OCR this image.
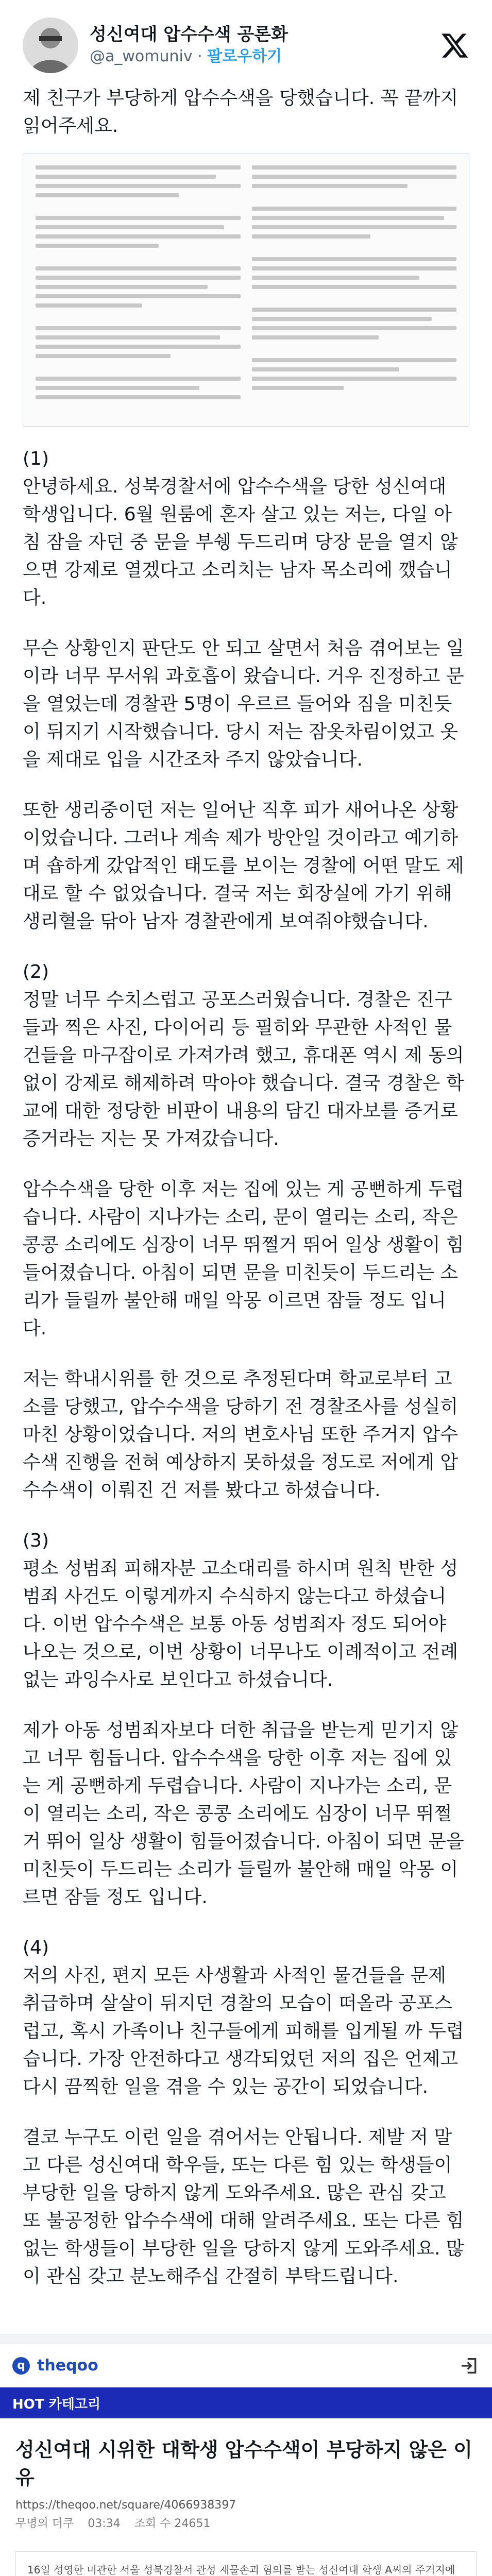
성신여대 압수수색 공론화
@a_womuniv · 팔로우하기
제 친구가 부당하게 압수수색을 당했습니다. 꼭 끝까지 읽어주세요.

(1)

안녕하세요. 성북경찰서에 압수수색을 당한 성신여대 학생입니다. 6월 원룸에 혼자 살고 있는 저는, 다일 아침 잠을 자던 중 문을 부쉥 두드리며 당장 문을 열지 않으면 강제로 열겠다고 소리치는 남자 목소리에 깼습니다.

무슨 상황인지 판단도 안 되고 살면서 처음 겪어보는 일이라 너무 무서워 과호흡이 왔습니다. 거우 진정하고 문을 열었는데 경찰관 5명이 우르르 들어와 짐을 미친듯이 뒤지기 시작했습니다. 당시 저는 잠옷차림이었고 옷을 제대로 입을 시간조차 주지 않았습니다.

또한 생리중이던 저는 일어난 직후 피가 새어나온 상황이었습니다. 그러나 계속 제가 방안일 것이라고 예기하며 숍하게 갔압적인 태도를 보이는 경찰에 어떤 말도 제대로 할 수 없었습니다. 결국 저는 회장실에 가기 위해 생리혈을 닦아 남자 경찰관에게 보여줘야했습니다.

(2)

정말 너무 수치스럽고 공포스러웠습니다. 경찰은 진구들과 찍은 사진, 다이어리 등 필히와 무관한 사적인 물건들을 마구잡이로 가져가려 했고, 휴대폰 역시 제 동의없이 강제로 해제하려 막아야 했습니다. 결국 경찰은 학교에 대한 정당한 비판이 내용의 담긴 대자보를 증거로 증거라는 지는 못 가져갔습니다.

압수수색을 당한 이후 저는 집에 있는 게 공뻔하게 두렵습니다. 사람이 지나가는 소리, 문이 열리는 소리, 작은 콩콩 소리에도 심장이 너무 뛰쩔거 뛰어 일상 생활이 힘들어졌습니다. 아침이 되면 문을 미친듯이 두드리는 소리가 들릴까 불안해 매일 악몽 이르면 잠들 정도 입니다.

저는 학내시위를 한 것으로 추정된다며 학교로부터 고소를 당했고, 압수수색을 당하기 전 경찰조사를 성실히 마친 상황이었습니다. 저의 변호사님 또한 주거지 압수수색 진행을 전혀 예상하지 못하셨을 정도로 저에게 압수수색이 이뤄진 건 저를 봤다고 하셨습니다.

(3)

평소 성범죄 피해자분 고소대리를 하시며 원칙 반한 성범죄 사건도 이렇게까지 수식하지 않는다고 하셨습니다. 이번 압수수색은 보통 아동 성범죄자 정도 되어야 나오는 것으로, 이번 상황이 너무나도 이례적이고 전례 없는 과잉수사로 보인다고 하셨습니다.

제가 아동 성범죄자보다 더한 취급을 받는게 믿기지 않고 너무 힘듭니다. 압수수색을 당한 이후 저는 집에 있는 게 공뻔하게 두렵습니다. 사람이 지나가는 소리, 문이 열리는 소리, 작은 콩콩 소리에도 심장이 너무 뛰쩔거 뛰어 일상 생활이 힘들어졌습니다. 아침이 되면 문을 미친듯이 두드리는 소리가 들릴까 불안해 매일 악몽 이르면 잠들 정도 입니다.

(4)

저의 사진, 편지 모든 사생활과 사적인 물건들을 문제 취급하며 살살이 뒤지던 경찰의 모습이 떠올라 공포스럽고, 혹시 가족이나 친구들에게 피해를 입게될 까 두렵습니다. 가장 안전하다고 생각되었던 저의 집은 언제고 다시 끔찍한 일을 겪을 수 있는 공간이 되었습니다.

결코 누구도 이런 일을 겪어서는 안됩니다. 제발 저 말고 다른 성신여대 학우들, 또는 다른 힘 있는 학생들이 부당한 일을 당하지 않게 도와주세요. 많은 관심 갖고 또 불공정한 압수수색에 대해 알려주세요. 또는 다른 힘 없는 학생들이 부당한 일을 당하지 않게 도와주세요. 많이 관심 갖고 분노해주십 간절히 부탁드립니다.

q theqoo
HOT 카테고리
성신여대 시위한 대학생 압수수색이 부당하지 않은 이유
https://theqoo.net/square/4066938397
무명의 더쿠 03:34 조회 수 24651
16일 성영한 미관한 서울 성북경찰서 관성 재물손괴 혐의를 받는 성신여대 학생 A씨의 주거지에
